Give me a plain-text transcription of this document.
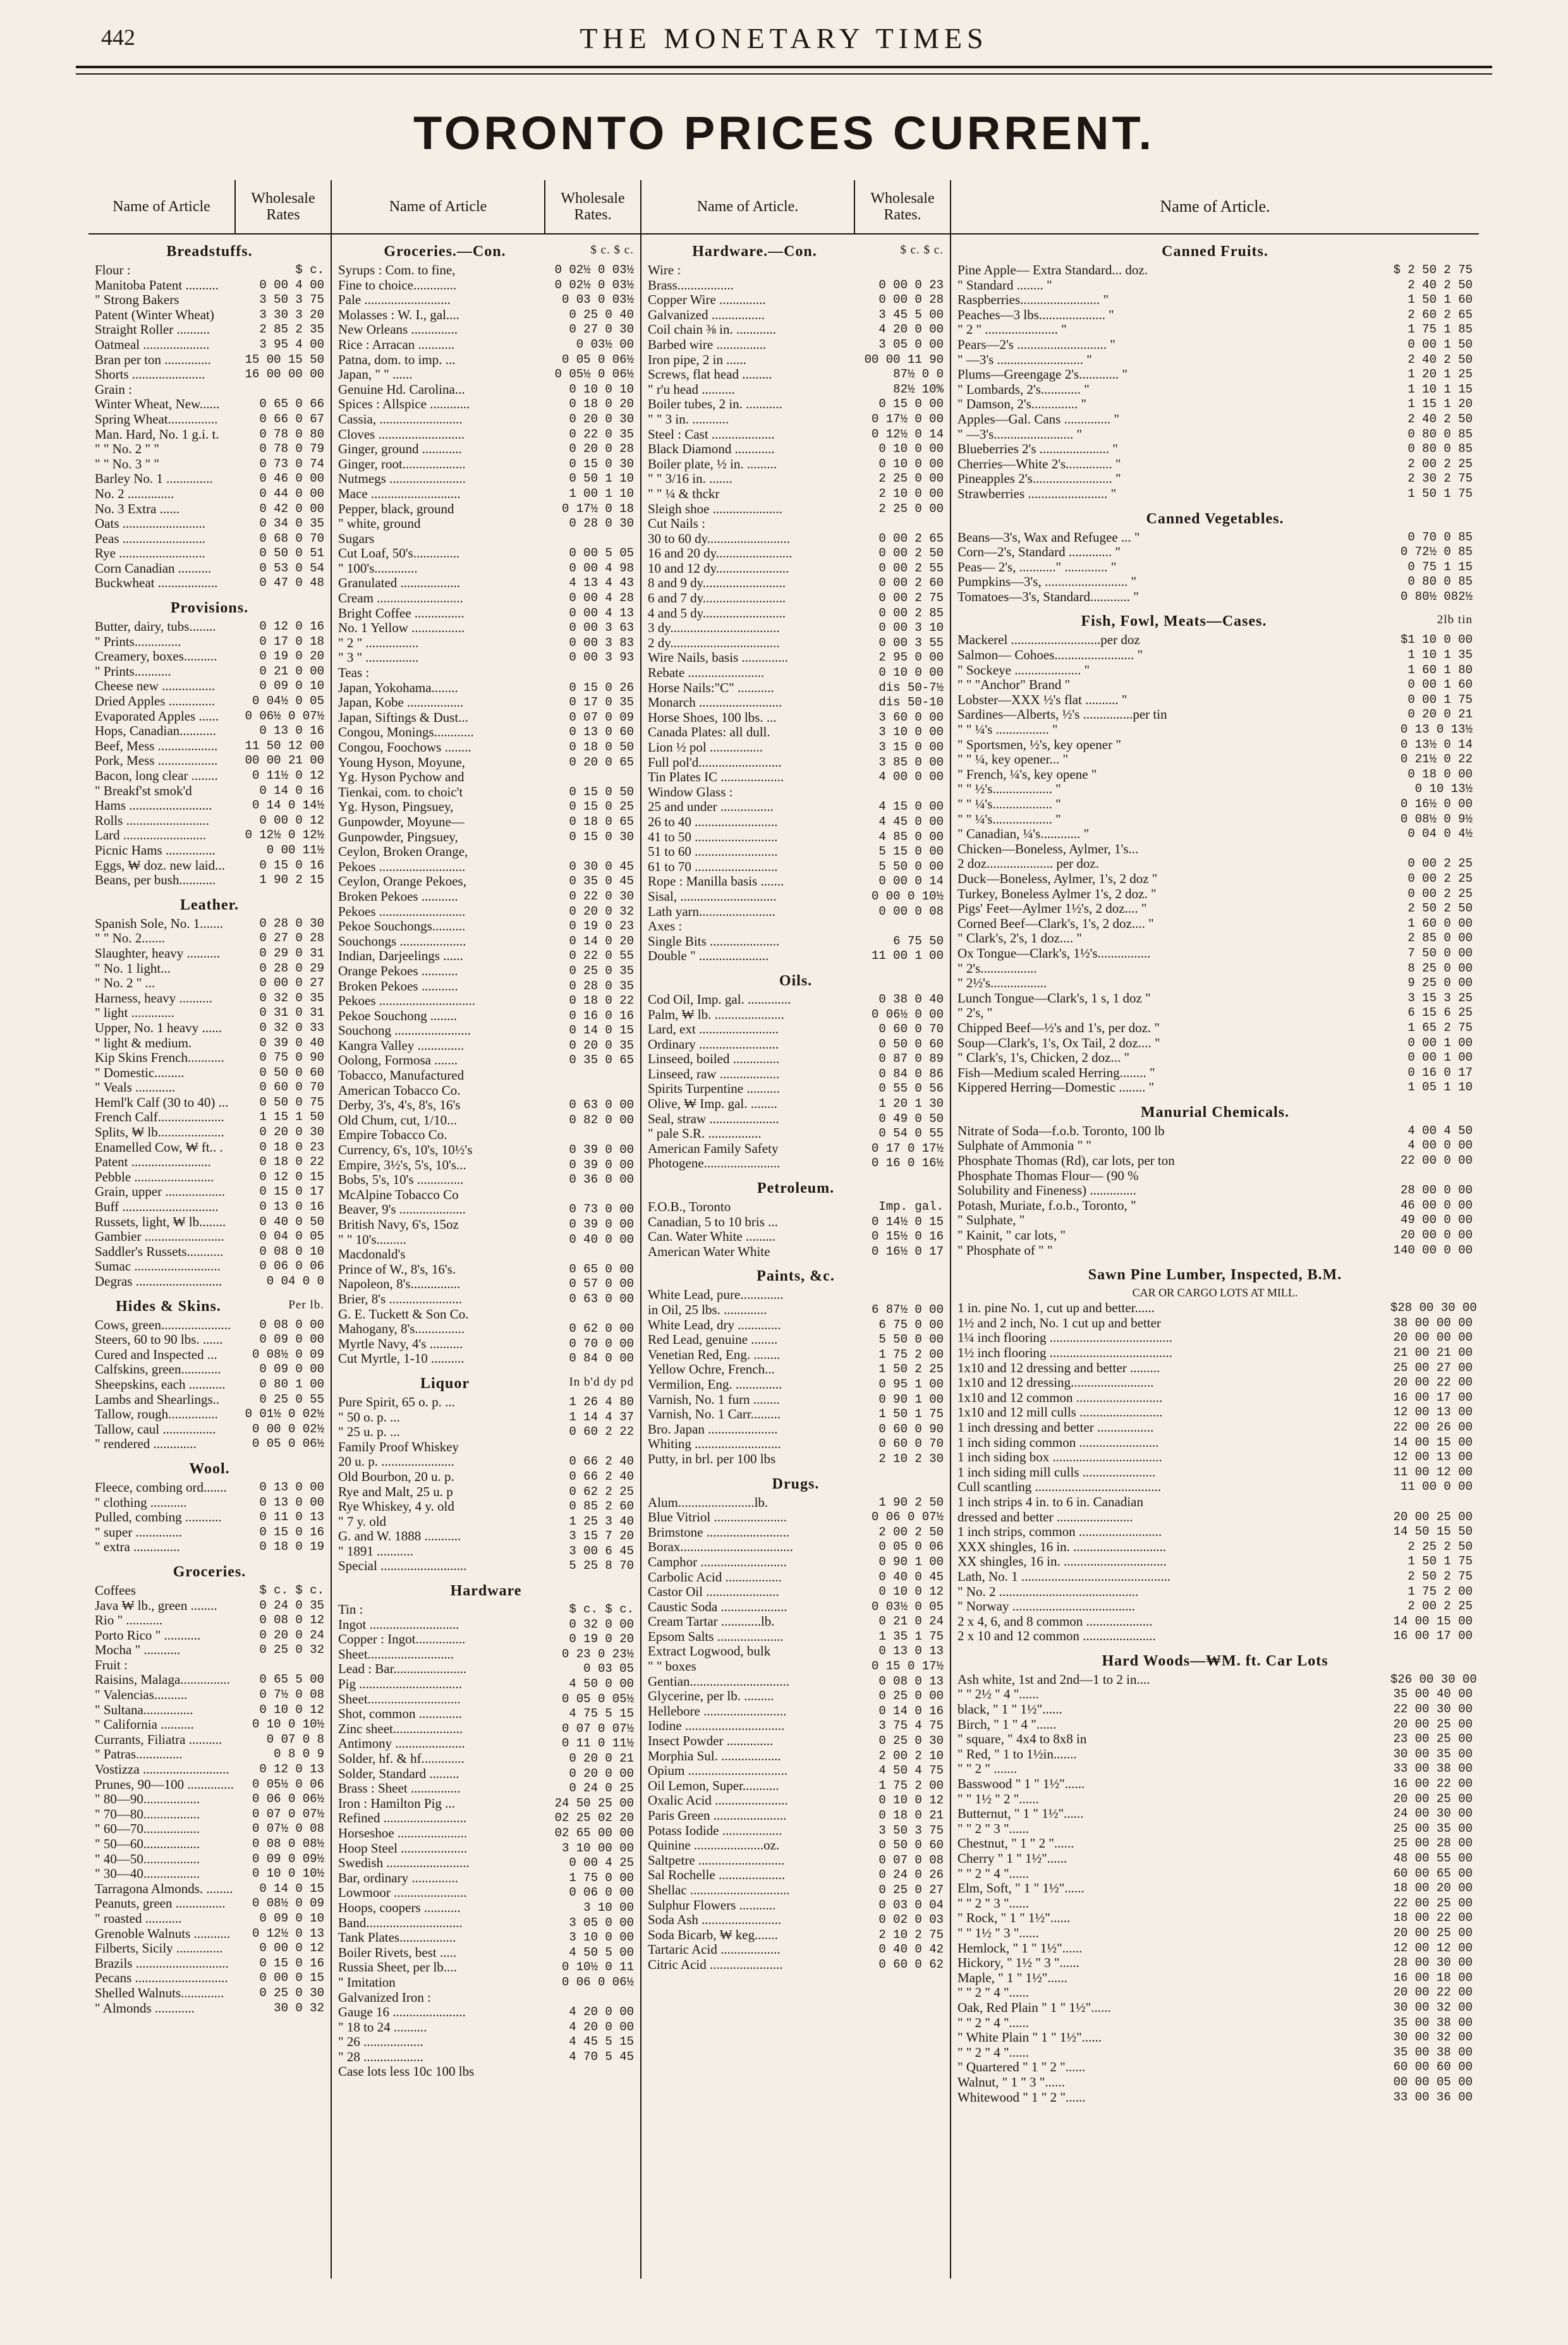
442	THE MONETARY TIMES
TORONTO PRICES CURRENT.
Name of Article	Wholesale Rates
Breadstuffs.
Flour :	$ c.
Manitoba Patent ..........	0 00 4 00
" Strong Bakers	3 50 3 75
Patent (Winter Wheat)	3 30 3 20
Straight Roller ..........	2 85 2 35
Oatmeal ....................	3 95 4 00
Bran per ton ..............	15 00 15 50
Shorts ......................	16 00 00 00
Grain :
Winter Wheat, New......	0 65 0 66
Spring Wheat...............	0 66 0 67
Man. Hard, No. 1 g.i. t.	0 78 0 80
" " No. 2 " "	0 78 0 79
" " No. 3 " "	0 73 0 74
Barley No. 1 ..............	0 46 0 00
No. 2 ..............	0 44 0 00
No. 3 Extra ......	0 42 0 00
Oats .........................	0 34 0 35
Peas .........................	0 68 0 70
Rye ..........................	0 50 0 51
Corn Canadian ..........	0 53 0 54
Buckwheat ..................	0 47 0 48
Provisions.
Butter, dairy, tubs........	0 12 0 16
" Prints..............	0 17 0 18
Creamery, boxes..........	0 19 0 20
" Prints...........	0 21 0 00
Cheese new ................	0 09 0 10
Dried Apples ..............	0 04½ 0 05
Evaporated Apples ......	0 06½ 0 07½
Hops, Canadian...........	0 13 0 16
Beef, Mess ..................	11 50 12 00
Pork, Mess ..................	00 00 21 00
Bacon, long clear ........	0 11½ 0 12
" Breakf'st smok'd	0 14 0 16
Hams .........................	0 14 0 14½
Rolls .........................	0 00 0 12
Lard .........................	0 12½ 0 12½
Picnic Hams ...............	0 00 11½
Eggs, ₩ doz. new laid...	0 15 0 16
Beans, per bush...........	1 90 2 15
Leather.
Spanish Sole, No. 1.......	0 28 0 30
" " No. 2.......	0 27 0 28
Slaughter, heavy ..........	0 29 0 31
" No. 1 light...	0 28 0 29
" No. 2 " ...	0 00 0 27
Harness, heavy ..........	0 32 0 35
" light .............	0 31 0 31
Upper, No. 1 heavy ......	0 32 0 33
" light & medium.	0 39 0 40
Kip Skins French...........	0 75 0 90
" Domestic.........	0 50 0 60
" Veals ............	0 60 0 70
Heml'k Calf (30 to 40) ...	0 50 0 75
French Calf....................	1 15 1 50
Splits, ₩ lb....................	0 20 0 30
Enamelled Cow, ₩ ft.. .	0 18 0 23
Patent ........................	0 18 0 22
Pebble ........................	0 12 0 15
Grain, upper ..................	0 15 0 17
Buff .............................	0 13 0 16
Russets, light, ₩ lb........	0 40 0 50
Gambier ........................	0 04 0 05
Saddler's Russets...........	0 08 0 10
Sumac ..........................	0 06 0 06
Degras ..........................	0 04 0 0
Hides & Skins.	Per lb.
Cows, green.....................	0 08 0 00
Steers, 60 to 90 lbs. ......	0 09 0 00
Cured and Inspected ...	0 08½ 0 09
Calfskins, green............	0 09 0 00
Sheepskins, each ...........	0 80 1 00
Lambs and Shearlings..	0 25 0 55
Tallow, rough...............	0 01½ 0 02½
Tallow, caul ................	0 00 0 02½
" rendered .............	0 05 0 06½
Wool.
Fleece, combing ord.......	0 13 0 00
" clothing ...........	0 13 0 00
Pulled, combing ...........	0 11 0 13
" super ..............	0 15 0 16
" extra ..............	0 18 0 19
Groceries.
Coffees	$ c. $ c.
Java ₩ lb., green ........	0 24 0 35
Rio " ...........	0 08 0 12
Porto Rico " ...........	0 20 0 24
Mocha " ...........	0 25 0 32
Fruit :
Raisins, Malaga...............	0 65 5 00
" Valencias..........	0 7½ 0 08
" Sultana...............	0 10 0 12
" California ..........	0 10 0 10½
Currants, Filiatra ..........	0 07 0 8
" Patras..............	0 8 0 9
Vostizza ..........................	0 12 0 13
Prunes, 90—100 ..............	0 05½ 0 06
" 80—90.................	0 06 0 06½
" 70—80.................	0 07 0 07½
" 60—70.................	0 07½ 0 08
" 50—60.................	0 08 0 08½
" 40—50.................	0 09 0 09½
" 30—40.................	0 10 0 10½
Tarragona Almonds. ........	0 14 0 15
Peanuts, green ...............	0 08½ 0 09
" roasted ...........	0 09 0 10
Grenoble Walnuts ...........	0 12½ 0 13
Filberts, Sicily ..............	0 00 0 12
Brazils ............................	0 15 0 16
Pecans ............................	0 00 0 15
Shelled Walnuts.............	0 25 0 30
" Almonds ............	30 0 32
Name of Article	Wholesale Rates.
Groceries.—Con.	$ c. $ c.
Syrups : Com. to fine,	0 02½ 0 03½
Fine to choice.............	0 02½ 0 03½
Pale ..........................	0 03 0 03½
Molasses : W. I., gal....	0 25 0 40
New Orleans ..............	0 27 0 30
Rice : Arracan ...........	0 03½ 00
Patna, dom. to imp. ...	0 05 0 06½
Japan, " " ......	0 05½ 0 06½
Genuine Hd. Carolina...	0 10 0 10
Spices : Allspice ............	0 18 0 20
Cassia, .........................	0 20 0 30
Cloves ..........................	0 22 0 35
Ginger, ground ............	0 20 0 28
Ginger, root...................	0 15 0 30
Nutmegs .......................	0 50 1 10
Mace ...........................	1 00 1 10
Pepper, black, ground	0 17½ 0 18
" white, ground	0 28 0 30
Sugars
Cut Loaf, 50's..............	0 00 5 05
" 100's.............	0 00 4 98
Granulated ..................	4 13 4 43
Cream ..........................	0 00 4 28
Bright Coffee ...............	0 00 4 13
No. 1 Yellow ................	0 00 3 63
" 2 " ................	0 00 3 83
" 3 " ................	0 00 3 93
Teas :
Japan, Yokohama........	0 15 0 26
Japan, Kobe .................	0 17 0 35
Japan, Siftings & Dust...	0 07 0 09
Congou, Monings............	0 13 0 60
Congou, Foochows ........	0 18 0 50
Young Hyson, Moyune,	0 20 0 65
Yg. Hyson Pychow and
Tienkai, com. to choic't	0 15 0 50
Yg. Hyson, Pingsuey,	0 15 0 25
Gunpowder, Moyune—	0 18 0 65
Gunpowder, Pingsuey,	0 15 0 30
Ceylon, Broken Orange,
Pekoes ..........................	0 30 0 45
Ceylon, Orange Pekoes,	0 35 0 45
Broken Pekoes ...........	0 22 0 30
Pekoes ..........................	0 20 0 32
Pekoe Souchongs..........	0 19 0 23
Souchongs ....................	0 14 0 20
Indian, Darjeelings ......	0 22 0 55
Orange Pekoes ...........	0 25 0 35
Broken Pekoes ...........	0 28 0 35
Pekoes .............................	0 18 0 22
Pekoe Souchong ........	0 16 0 16
Souchong .......................	0 14 0 15
Kangra Valley ..............	0 20 0 35
Oolong, Formosa .......	0 35 0 65
Tobacco, Manufactured
American Tobacco Co.
Derby, 3's, 4's, 8's, 16's	0 63 0 00
Old Chum, cut, 1/10...	0 82 0 00
Empire Tobacco Co.
Currency, 6's, 10's, 10½'s	0 39 0 00
Empire, 3½'s, 5's, 10's...	0 39 0 00
Bobs, 5's, 10's ..............	0 36 0 00
McAlpine Tobacco Co
Beaver, 9's ....................	0 73 0 00
British Navy, 6's, 15oz	0 39 0 00
" " 10's.........	0 40 0 00
Macdonald's
Prince of W., 8's, 16's.	0 65 0 00
Napoleon, 8's...............	0 57 0 00
Brier, 8's ......................	0 63 0 00
G. E. Tuckett & Son Co.
Mahogany, 8's...............	0 62 0 00
Myrtle Navy, 4's ..........	0 70 0 00
Cut Myrtle, 1-10 ..........	0 84 0 00
Liquor	In b'd dy pd
Pure Spirit, 65 o. p. ...	1 26 4 80
" 50 o. p. ...	1 14 4 37
" 25 u. p. ...	0 60 2 22
Family Proof Whiskey
20 u. p. ......................	0 66 2 40
Old Bourbon, 20 u. p.	0 66 2 40
Rye and Malt, 25 u. p	0 62 2 25
Rye Whiskey, 4 y. old	0 85 2 60
" 7 y. old	1 25 3 40
G. and W. 1888 ...........	3 15 7 20
" 1891 ...........	3 00 6 45
Special ..........................	5 25 8 70
Hardware
Tin :	$ c. $ c.
Ingot ...........................	0 32 0 00
Copper : Ingot...............	0 19 0 20
Sheet..........................	0 23 0 23½
Lead : Bar......................	0 03 05
Pig ...............................	4 50 0 00
Sheet............................	0 05 0 05½
Shot, common .............	4 75 5 15
Zinc sheet.....................	0 07 0 07½
Antimony .....................	0 11 0 11½
Solder, hf. & hf.............	0 20 0 21
Solder, Standard .........	0 20 0 00
Brass : Sheet ...............	0 24 0 25
Iron : Hamilton Pig ...	24 50 25 00
Refined .........................	02 25 02 20
Horseshoe .....................	02 65 00 00
Hoop Steel ....................	3 10 00 00
Swedish .........................	0 00 4 25
Bar, ordinary ..............	1 75 0 00
Lowmoor ......................	0 06 0 00
Hoops, coopers ...........	3 10 00
Band.............................	3 05 0 00
Tank Plates.................	3 10 0 00
Boiler Rivets, best .....	4 50 5 00
Russia Sheet, per lb....	0 10½ 0 11
" Imitation	0 06 0 06½
Galvanized Iron :
Gauge 16 ......................	4 20 0 00
" 18 to 24 ..........	4 20 0 00
" 26 ..................	4 45 5 15
" 28 ..................	4 70 5 45
Case lots less 10c 100 lbs
Name of Article.	Wholesale Rates.
Hardware.—Con.	$ c. $ c.
Wire :
Brass.................	0 00 0 23
Copper Wire ..............	0 00 0 28
Galvanized ................	3 45 5 00
Coil chain ⅜ in. ............	4 20 0 00
Barbed wire ...............	3 05 0 00
Iron pipe, 2 in ......	00 00 11 90
Screws, flat head .........	87½ 0 0
" r'u head ..........	82½ 10%
Boiler tubes, 2 in. ...........	0 15 0 00
" " 3 in. ...........	0 17½ 0 00
Steel : Cast ...................	0 12½ 0 14
Black Diamond ............	0 10 0 00
Boiler plate, ½ in. .........	0 10 0 00
" " 3/16 in. .......	2 25 0 00
" " ¼ & thckr	2 10 0 00
Sleigh shoe .....................	2 25 0 00
Cut Nails :
30 to 60 dy.........................	0 00 2 65
16 and 20 dy.......................	0 00 2 50
10 and 12 dy......................	0 00 2 55
8 and 9 dy.........................	0 00 2 60
6 and 7 dy.........................	0 00 2 75
4 and 5 dy.........................	0 00 2 85
3 dy.................................	0 00 3 10
2 dy.................................	0 00 3 55
Wire Nails, basis ..............	2 95 0 00
Rebate .......................	0 10 0 00
Horse Nails:"C" ...........	dis 50-7½
Monarch .........................	dis 50-10
Horse Shoes, 100 lbs. ...	3 60 0 00
Canada Plates: all dull.	3 10 0 00
Lion ½ pol ................	3 15 0 00
Full pol'd.........................	3 85 0 00
Tin Plates IC ...................	4 00 0 00
Window Glass :
25 and under ................	4 15 0 00
26 to 40 .........................	4 45 0 00
41 to 50 .........................	4 85 0 00
51 to 60 .........................	5 15 0 00
61 to 70 .........................	5 50 0 00
Rope : Manilla basis .......	0 00 0 14
Sisal, .............................	0 00 0 10½
Lath yarn.......................	0 00 0 08
Axes :
Single Bits .....................	6 75 50
Double " .....................	11 00 1 00
Oils.
Cod Oil, Imp. gal. .............	0 38 0 40
Palm, ₩ lb. .....................	0 06½ 0 00
Lard, ext ........................	0 60 0 70
Ordinary ........................	0 50 0 60
Linseed, boiled ..............	0 87 0 89
Linseed, raw ..................	0 84 0 86
Spirits Turpentine ..........	0 55 0 56
Olive, ₩ Imp. gal. ........	1 20 1 30
Seal, straw .....................	0 49 0 50
" pale S.R. ................	0 54 0 55
American Family Safety	0 17 0 17½
Photogene.......................	0 16 0 16½
Petroleum.
F.O.B., Toronto	Imp. gal.
Canadian, 5 to 10 bris ...	0 14½ 0 15
Can. Water White .........	0 15½ 0 16
American Water White	0 16½ 0 17
Paints, &c.
White Lead, pure.............
in Oil, 25 lbs. .............	6 87½ 0 00
White Lead, dry .............	6 75 0 00
Red Lead, genuine ........	5 50 0 00
Venetian Red, Eng. ........	1 75 2 00
Yellow Ochre, French...	1 50 2 25
Vermilion, Eng. ..............	0 95 1 00
Varnish, No. 1 furn ........	0 90 1 00
Varnish, No. 1 Carr.........	1 50 1 75
Bro. Japan .....................	0 60 0 90
Whiting ..........................	0 60 0 70
Putty, in brl. per 100 lbs	2 10 2 30
Drugs.
Alum.......................lb.	1 90 2 50
Blue Vitriol ......................	0 06 0 07½
Brimstone .........................	2 00 2 50
Borax..................................	0 05 0 06
Camphor ..........................	0 90 1 00
Carbolic Acid .................	0 40 0 45
Castor Oil ......................	0 10 0 12
Caustic Soda ....................	0 03½ 0 05
Cream Tartar ............lb.	0 21 0 24
Epsom Salts ....................	1 35 1 75
Extract Logwood, bulk	0 13 0 13
" " boxes	0 15 0 17½
Gentian..............................	0 08 0 13
Glycerine, per lb. .........	0 25 0 00
Hellebore .........................	0 14 0 16
Iodine ..............................	3 75 4 75
Insect Powder ..............	0 25 0 30
Morphia Sul. ..................	2 00 2 10
Opium ..............................	4 50 4 75
Oil Lemon, Super...........	1 75 2 00
Oxalic Acid ......................	0 10 0 12
Paris Green ......................	0 18 0 21
Potass Iodide ..................	3 50 3 75
Quinine .....................oz.	0 50 0 60
Saltpetre ..........................	0 07 0 08
Sal Rochelle ....................	0 24 0 26
Shellac ..............................	0 25 0 27
Sulphur Flowers ...........	0 03 0 04
Soda Ash ........................	0 02 0 03
Soda Bicarb, ₩ keg.......	2 10 2 75
Tartaric Acid ..................	0 40 0 42
Citric Acid ......................	0 60 0 62
Name of Article.
Canned Fruits.
Pine Apple— Extra Standard... doz.	$ 2 50 2 75
" Standard ........ "	2 40 2 50
Raspberries........................ "	1 50 1 60
Peaches—3 lbs.................... "	2 60 2 65
" 2 " ...................... "	1 75 1 85
Pears—2's ........................... "	0 00 1 50
" —3's .......................... "	2 40 2 50
Plums—Greengage 2's............ "	1 20 1 25
" Lombards, 2's............ "	1 10 1 15
" Damson, 2's.............. "	1 15 1 20
Apples—Gal. Cans .............. "	2 40 2 50
" —3's........................ "	0 80 0 85
Blueberries 2's ..................... "	0 80 0 85
Cherries—White 2's.............. "	2 00 2 25
Pineapples 2's........................ "	2 30 2 75
Strawberries ........................ "	1 50 1 75
Canned Vegetables.
Beans—3's, Wax and Refugee ... "	0 70 0 85
Corn—2's, Standard ............. "	0 72½ 0 85
Peas— 2's, ..........." ............. "	0 75 1 15
Pumpkins—3's, ......................... "	0 80 0 85
Tomatoes—3's, Standard............ "	0 80½ 082½
Fish, Fowl, Meats—Cases.	2lb tin
Mackerel ...........................per doz	$1 10 0 00
Salmon— Cohoes........................ "	1 10 1 35
" Sockeye .................... "	1 60 1 80
" " "Anchor" Brand "	0 00 1 60
Lobster—XXX ½'s flat .......... "	0 00 1 75
Sardines—Alberts, ½'s ...............per tin	0 20 0 21
" " ¼'s ................ "	0 13 0 13½
" Sportsmen, ½'s, key opener "	0 13½ 0 14
" " ¼, key opener... "	0 21½ 0 22
" French, ¼'s, key opene "	0 18 0 00
" " ½'s.................. "	0 10 13½
" " ¼'s.................. "	0 16½ 0 00
" " ¼'s.................. "	0 08½ 0 9½
" Canadian, ¼'s............ "	0 04 0 4½
Chicken—Boneless, Aylmer, 1's...
2 doz.................... per doz.	0 00 2 25
Duck—Boneless, Aylmer, 1's, 2 doz "	0 00 2 25
Turkey, Boneless Aylmer 1's, 2 doz. "	0 00 2 25
Pigs' Feet—Aylmer 1½'s, 2 doz.... "	2 50 2 50
Corned Beef—Clark's, 1's, 2 doz.... "	1 60 0 00
" Clark's, 2's, 1 doz.... "	2 85 0 00
Ox Tongue—Clark's, 1½'s................	7 50 0 00
" 2's.................	8 25 0 00
" 2½'s.................	9 25 0 00
Lunch Tongue—Clark's, 1 s, 1 doz "	3 15 3 25
" 2's, "	6 15 6 25
Chipped Beef—½'s and 1's, per doz. "	1 65 2 75
Soup—Clark's, 1's, Ox Tail, 2 doz.... "	0 00 1 00
" Clark's, 1's, Chicken, 2 doz... "	0 00 1 00
Fish—Medium scaled Herring........ "	0 16 0 17
Kippered Herring—Domestic ........ "	1 05 1 10
Manurial Chemicals.
Nitrate of Soda—f.o.b. Toronto, 100 lb	4 00 4 50
Sulphate of Ammonia " "	4 00 0 00
Phosphate Thomas (Rd), car lots, per ton	22 00 0 00
Phosphate Thomas Flour— (90 %
Solubility and Fineness) ..............	28 00 0 00
Potash, Muriate, f.o.b., Toronto, "	46 00 0 00
" Sulphate, "	49 00 0 00
" Kainit, " car lots, "	20 00 0 00
" Phosphate of " "	140 00 0 00
Sawn Pine Lumber, Inspected, B.M.
CAR OR CARGO LOTS AT MILL.
1 in. pine No. 1, cut up and better......	$28 00 30 00
1½ and 2 inch, No. 1 cut up and better	38 00 00 00
1¼ inch flooring .....................................	20 00 00 00
1½ inch flooring .....................................	21 00 21 00
1x10 and 12 dressing and better .........	25 00 27 00
1x10 and 12 dressing.........................	20 00 22 00
1x10 and 12 common ..........................	16 00 17 00
1x10 and 12 mill culls .........................	12 00 13 00
1 inch dressing and better .................	22 00 26 00
1 inch siding common ........................	14 00 15 00
1 inch siding box .................................	12 00 13 00
1 inch siding mill culls ......................	11 00 12 00
Cull scantling ......................................	11 00 0 00
1 inch strips 4 in. to 6 in. Canadian
dressed and better .......................	20 00 25 00
1 inch strips, common .........................	14 50 15 50
XXX shingles, 16 in. ............................	2 25 2 50
XX shingles, 16 in. ...............................	1 50 1 75
Lath, No. 1 .............................................	2 50 2 75
" No. 2 ..........................................	1 75 2 00
" Norway .....................................	2 00 2 25
2 x 4, 6, and 8 common ....................	14 00 15 00
2 x 10 and 12 common ......................	16 00 17 00
Hard Woods—₩M. ft. Car Lots
Ash white, 1st and 2nd—1 to 2 in....	$26 00 30 00
" " 2½ " 4 "......	35 00 40 00
black, " 1 " 1½"......	22 00 30 00
Birch, " 1 " 4 "......	20 00 25 00
" square, " 4x4 to 8x8 in	23 00 25 00
" Red, " 1 to 1½in.......	30 00 35 00
" " 2 " .......	33 00 38 00
Basswood " 1 " 1½"......	16 00 22 00
" " 1½ " 2 "......	20 00 25 00
Butternut, " 1 " 1½"......	24 00 30 00
" " 2 " 3 "......	25 00 35 00
Chestnut, " 1 " 2 "......	25 00 28 00
Cherry " 1 " 1½"......	48 00 55 00
" " 2 " 4 "......	60 00 65 00
Elm, Soft, " 1 " 1½"......	18 00 20 00
" " 2 " 3 "......	22 00 25 00
" Rock, " 1 " 1½"......	18 00 22 00
" " 1½ " 3 "......	20 00 25 00
Hemlock, " 1 " 1½"......	12 00 12 00
Hickory, " 1½ " 3 "......	28 00 30 00
Maple, " 1 " 1½"......	16 00 18 00
" " 2 " 4 "......	20 00 22 00
Oak, Red Plain " 1 " 1½"......	30 00 32 00
" " 2 " 4 "......	35 00 38 00
" White Plain " 1 " 1½"......	30 00 32 00
" " 2 " 4 "......	35 00 38 00
" Quartered " 1 " 2 "......	60 00 60 00
Walnut, " 1 " 3 "......	00 00 05 00
Whitewood " 1 " 2 "......	33 00 36 00
